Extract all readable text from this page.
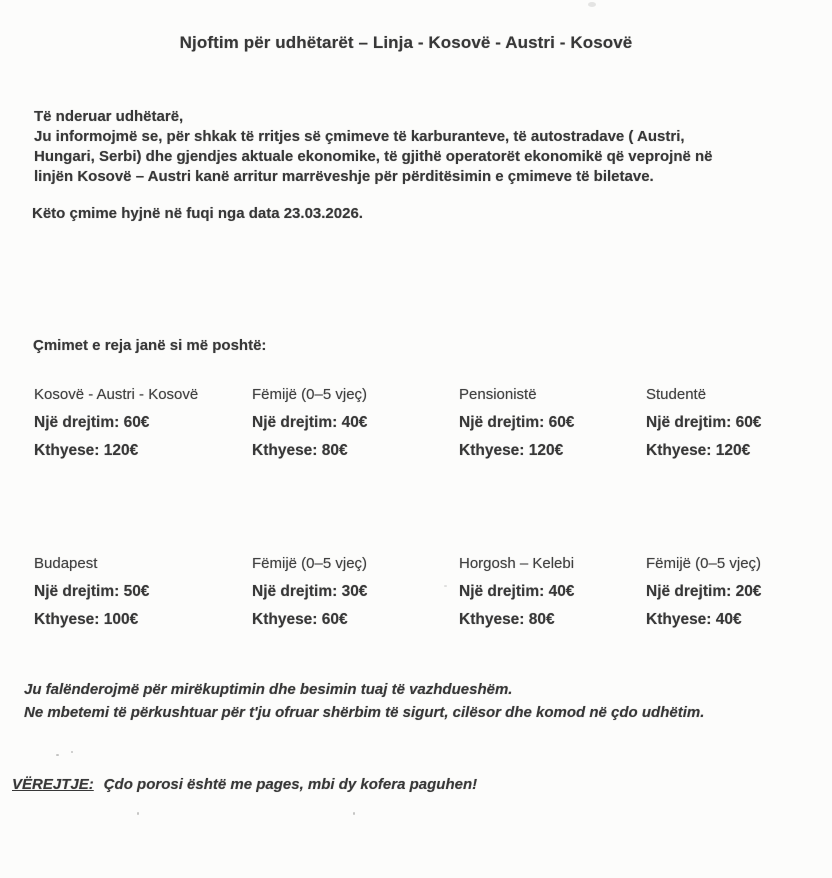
Njoftim për udhëtarët – Linja - Kosovë - Austri - Kosovë
Të nderuar udhëtarë,
Ju informojmë se, për shkak të rritjes së çmimeve të karburanteve, të autostradave ( Austri,
Hungari, Serbi) dhe gjendjes aktuale ekonomike, të gjithë operatorët ekonomikë që veprojnë në
linjën Kosovë – Austri kanë arritur marrëveshje për përditësimin e çmimeve të biletave.
Këto çmime hyjnë në fuqi nga data 23.03.2026.
Çmimet e reja janë si më poshtë:
Kosovë - Austri - Kosovë
Një drejtim: 60€
Kthyese: 120€
Fëmijë (0–5 vjeç)
Një drejtim: 40€
Kthyese: 80€
Pensionistë
Një drejtim: 60€
Kthyese: 120€
Studentë
Një drejtim: 60€
Kthyese: 120€
Budapest
Një drejtim: 50€
Kthyese: 100€
Fëmijë (0–5 vjeç)
Një drejtim: 30€
Kthyese: 60€
Horgosh – Kelebi
Një drejtim: 40€
Kthyese: 80€
Fëmijë (0–5 vjeç)
Një drejtim: 20€
Kthyese: 40€
Ju falënderojmë për mirëkuptimin dhe besimin tuaj të vazhdueshëm.
Ne mbetemi të përkushtuar për t'ju ofruar shërbim të sigurt, cilësor dhe komod në çdo udhëtim.
VËREJTJE: Çdo porosi është me pages, mbi dy kofera paguhen!
